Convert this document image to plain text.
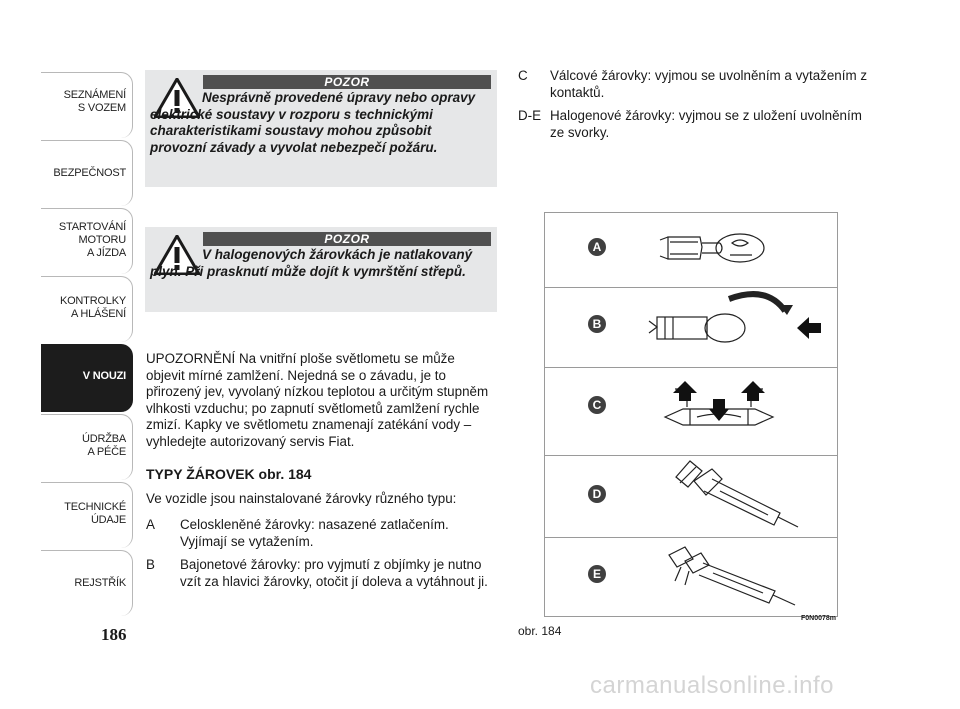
SEZNÁMENÍ
S VOZEM
BEZPEČNOST
STARTOVÁNÍ
MOTORU
A JÍZDA
KONTROLKY
A HLÁŠENÍ
V NOUZI
ÚDRŽBA
A PÉČE
TECHNICKÉ
ÚDAJE
REJSTŘÍK
186
POZOR
Nesprávně provedené úpravy nebo opravy elektrické soustavy v rozporu s technickými charakteristikami soustavy mohou způsobit provozní závady a vyvolat nebezpečí požáru.
POZOR
V halogenových žárovkách je natlakovaný plyn. Při prasknutí může dojít k vymrštění střepů.
UPOZORNĚNÍ Na vnitřní ploše světlometu se může objevit mírné zamlžení. Nejedná se o závadu, je to přirozený jev, vyvolaný nízkou teplotou a určitým stupněm vlhkosti vzduchu; po zapnutí světlometů zamlžení rychle zmizí. Kapky ve světlometu znamenají zatékání vody – vyhledejte autorizovaný servis Fiat.
TYPY ŽÁROVEK obr. 184
Ve vozidle jsou nainstalované žárovky různého typu:
A Celoskleněné žárovky: nasazené zatlačením. Vyjímají se vytažením.
B Bajonetové žárovky: pro vyjmutí z objímky je nutno vzít za hlavici žárovky, otočit jí doleva a vytáhnout ji.
C Válcové žárovky: vyjmou se uvolněním a vytažením z kontaktů.
D-E Halogenové žárovky: vyjmou se z uložení uvolněním ze svorky.
A
B
C
D
E
F0N0078m
obr. 184
carmanualsonline.info
